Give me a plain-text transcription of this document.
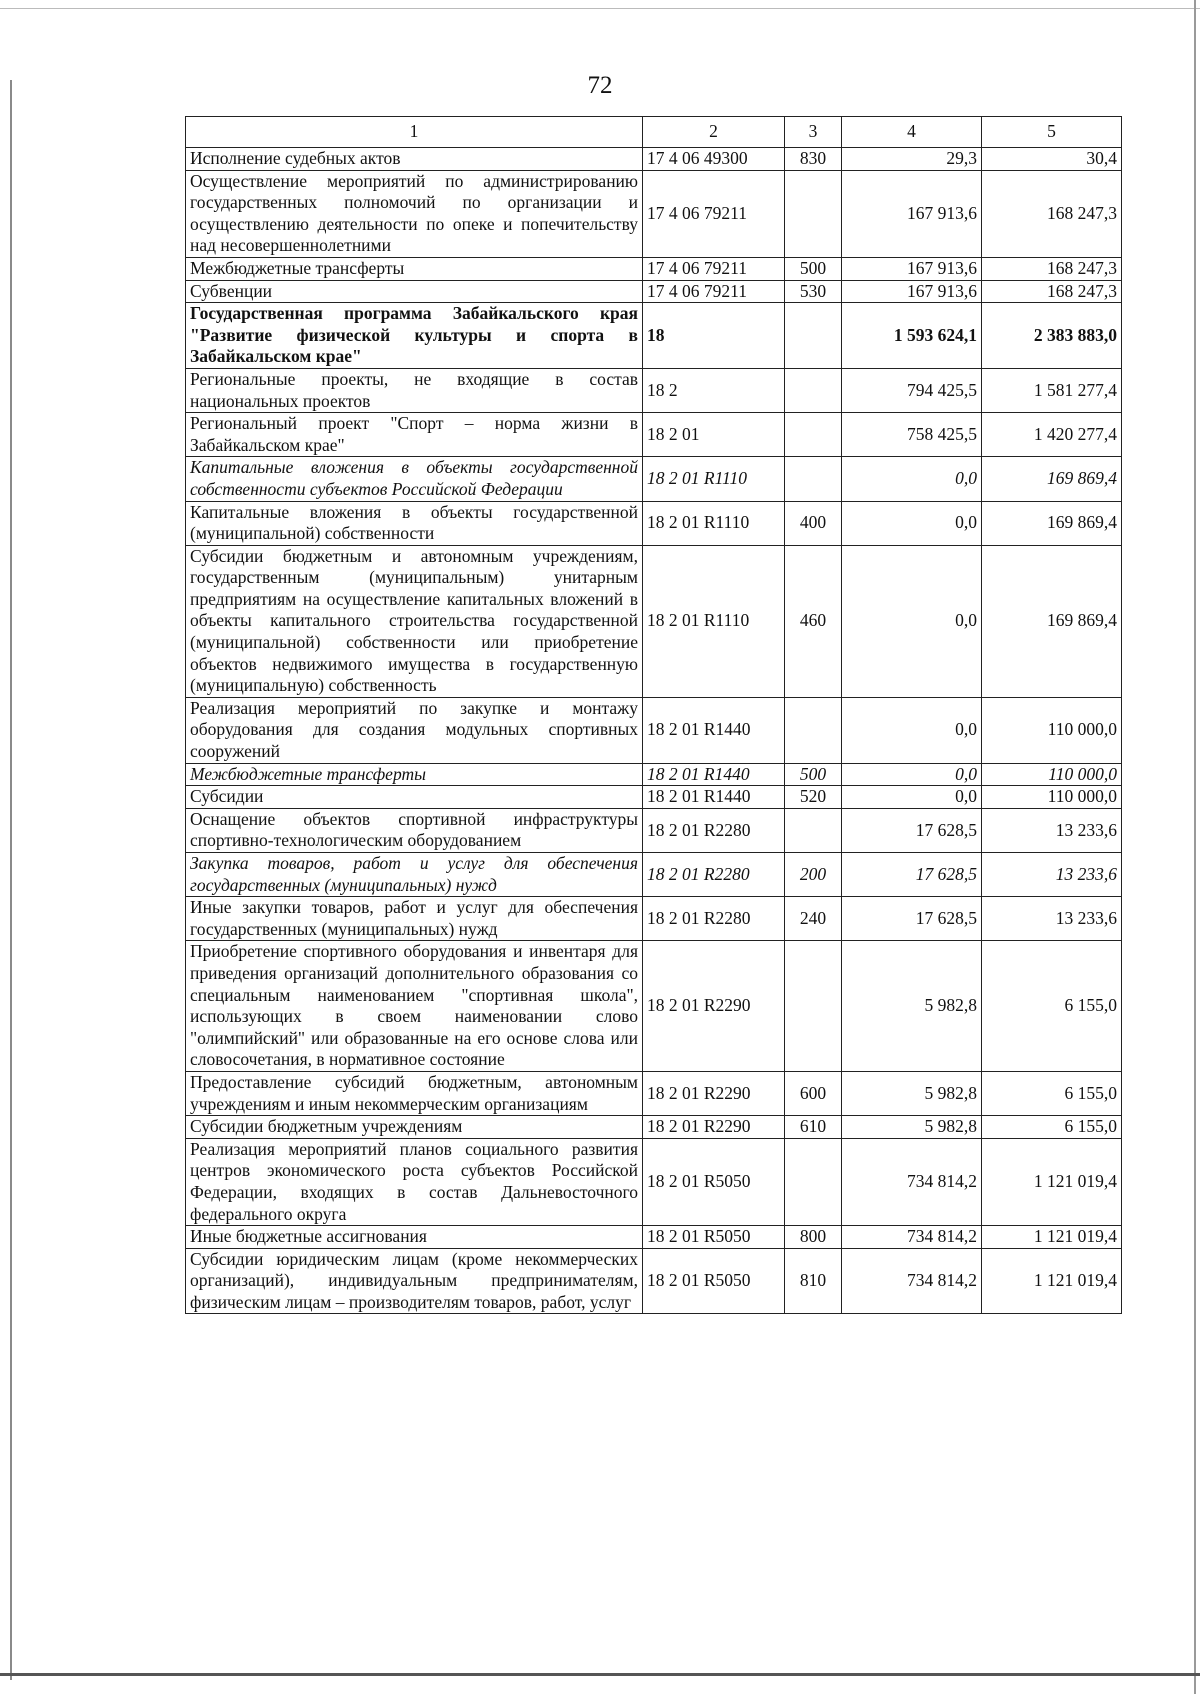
72
1	2	3	4	5
Исполнение судебных актов	17 4 06 49300	830	29,3	30,4
Осуществление мероприятий по администрированию государственных полномочий по организации и осуществлению деятельности по опеке и попечительству над несовершеннолетними	17 4 06 79211		167 913,6	168 247,3
Межбюджетные трансферты	17 4 06 79211	500	167 913,6	168 247,3
Субвенции	17 4 06 79211	530	167 913,6	168 247,3
Государственная программа Забайкальского края "Развитие физической культуры и спорта в Забайкальском крае"	18		1 593 624,1	2 383 883,0
Региональные проекты, не входящие в состав национальных проектов	18 2		794 425,5	1 581 277,4
Региональный проект "Спорт – норма жизни в Забайкальском крае"	18 2 01		758 425,5	1 420 277,4
Капитальные вложения в объекты государственной собственности субъектов Российской Федерации	18 2 01 R1110		0,0	169 869,4
Капитальные вложения в объекты государственной (муниципальной) собственности	18 2 01 R1110	400	0,0	169 869,4
Субсидии бюджетным и автономным учреждениям, государственным (муниципальным) унитарным предприятиям на осуществление капитальных вложений в объекты капитального строительства государственной (муниципальной) собственности или приобретение объектов недвижимого имущества в государственную (муниципальную) собственность	18 2 01 R1110	460	0,0	169 869,4
Реализация мероприятий по закупке и монтажу оборудования для создания модульных спортивных сооружений	18 2 01 R1440		0,0	110 000,0
Межбюджетные трансферты	18 2 01 R1440	500	0,0	110 000,0
Субсидии	18 2 01 R1440	520	0,0	110 000,0
Оснащение объектов спортивной инфраструктуры спортивно-технологическим оборудованием	18 2 01 R2280		17 628,5	13 233,6
Закупка товаров, работ и услуг для обеспечения государственных (муниципальных) нужд	18 2 01 R2280	200	17 628,5	13 233,6
Иные закупки товаров, работ и услуг для обеспечения государственных (муниципальных) нужд	18 2 01 R2280	240	17 628,5	13 233,6
Приобретение спортивного оборудования и инвентаря для приведения организаций дополнительного образования со специальным наименованием "спортивная школа", использующих в своем наименовании слово "олимпийский" или образованные на его основе слова или словосочетания, в нормативное состояние	18 2 01 R2290		5 982,8	6 155,0
Предоставление субсидий бюджетным, автономным учреждениям и иным некоммерческим организациям	18 2 01 R2290	600	5 982,8	6 155,0
Субсидии бюджетным учреждениям	18 2 01 R2290	610	5 982,8	6 155,0
Реализация мероприятий планов социального развития центров экономического роста субъектов Российской Федерации, входящих в состав Дальневосточного федерального округа	18 2 01 R5050		734 814,2	1 121 019,4
Иные бюджетные ассигнования	18 2 01 R5050	800	734 814,2	1 121 019,4
Субсидии юридическим лицам (кроме некоммерческих организаций), индивидуальным предпринимателям, физическим лицам – производителям товаров, работ, услуг	18 2 01 R5050	810	734 814,2	1 121 019,4
